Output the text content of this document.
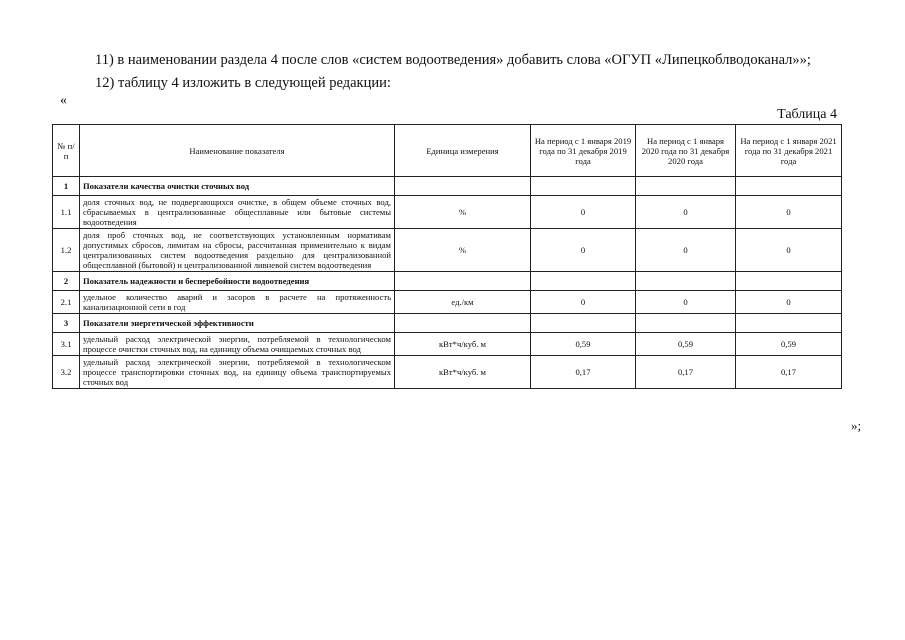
11) в наименовании раздела 4 после слов «систем водоотведения» добавить слова «ОГУП «Липецкоблводоканал»»;
12) таблицу 4 изложить в следующей редакции:
«
Таблица 4
№ п/п	Наименование показателя	Единица измерения	На период с 1 января 2019 года по 31 декабря 2019 года	На период с 1 января 2020 года по 31 декабря 2020 года	На период с 1 января 2021 года по 31 декабря 2021 года
1	Показатели качества очистки сточных вод				
1.1	доля сточных вод, не подвергающихся очистке, в общем объеме сточных вод, сбрасываемых в централизованные общесплавные или бытовые системы водоотведения	%	0	0	0
1.2	доля проб сточных вод, не соответствующих установленным нормативам допустимых сбросов, лимитам на сбросы, рассчитанная применительно к видам централизованных систем водоотведения раздельно для централизованной общесплавной (бытовой) и централизованной ливневой систем водоотведения	%	0	0	0
2	Показатель надежности и бесперебойности водоотведения				
2.1	удельное количество аварий и засоров в расчете на протяженность канализационной сети в год	ед./км	0	0	0
3	Показатели энергетической эффективности				
3.1	удельный расход электрической энергии, потребляемой в технологическом процессе очистки сточных вод, на единицу объема очищаемых сточных вод	кВт*ч/куб. м	0,59	0,59	0,59
3.2	удельный расход электрической энергии, потребляемой в технологическом процессе транспортировки сточных вод, на единицу объема транспортируемых сточных вод	кВт*ч/куб. м	0,17	0,17	0,17
»;
